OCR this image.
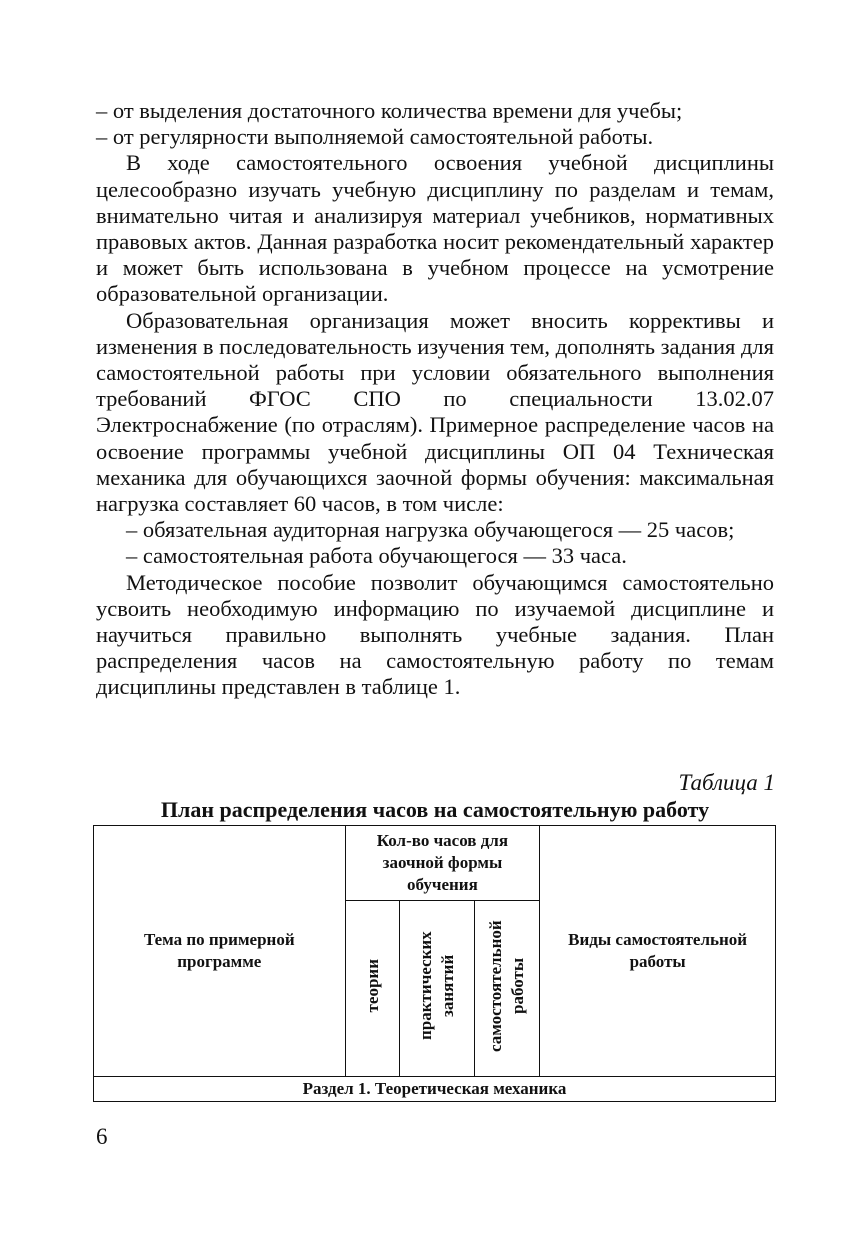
– от выделения достаточного количества времени для учебы;

– от регулярности выполняемой самостоятельной работы.

В ходе самостоятельного освоения учебной дисциплины целесообразно изучать учебную дисциплину по разделам и темам, внимательно читая и анализируя материал учебников, нормативных правовых актов. Данная разработка носит рекомендательный характер и может быть использована в учебном процессе на усмотрение образовательной организации.

Образовательная организация может вносить коррективы и изменения в последовательность изучения тем, дополнять задания для самостоятельной работы при условии обязательного выполнения требований ФГОС СПО по специальности 13.02.07 Электроснабжение (по отраслям). Примерное распределение часов на освоение программы учебной дисциплины ОП 04 Техническая механика для обучающихся заочной формы обучения: максимальная нагрузка составляет 60 часов, в том числе:

– обязательная аудиторная нагрузка обучающегося — 25 часов;

– самостоятельная работа обучающегося — 33 часа.

Методическое пособие позволит обучающимся самостоятельно усвоить необходимую информацию по изучаемой дисциплине и научиться правильно выполнять учебные задания. План распределения часов на самостоятельную работу по темам дисциплины представлен в таблице 1.

Таблица 1
План распределения часов на самостоятельную работу
Тема по примерной программе	Кол-во часов для заочной формы обучения			Виды самостоятельной работы
	теории	практических занятий	самостоятельной работы	
Раздел 1. Теоретическая механика				
6
